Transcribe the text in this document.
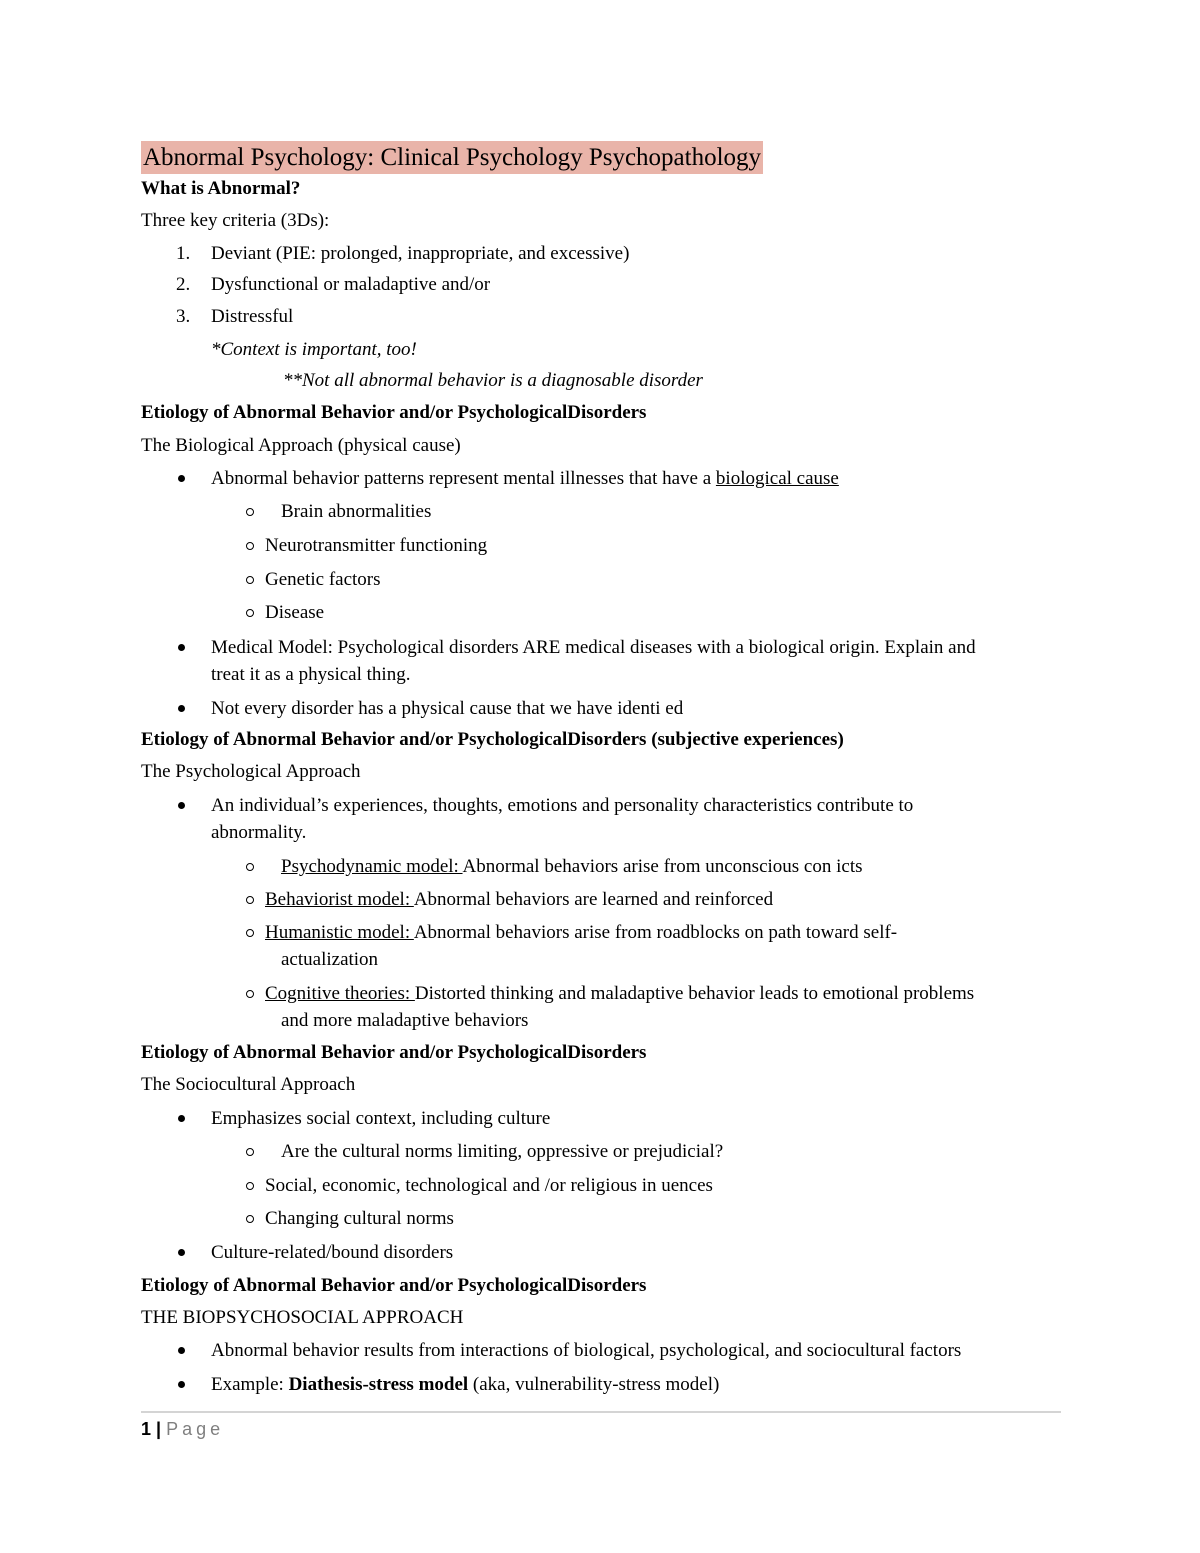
Abnormal Psychology: Clinical Psychology Psychopathology
What is Abnormal?
Three key criteria (3Ds):
1. Deviant (PIE: prolonged, inappropriate, and excessive)
2. Dysfunctional or maladaptive and/or
3. Distressful
*Context is important, too!
**Not all abnormal behavior is a diagnosable disorder
Etiology of Abnormal Behavior and/or PsychologicalDisorders
The Biological Approach (physical cause)
Abnormal behavior patterns represent mental illnesses that have a biological cause
Brain abnormalities
Neurotransmitter functioning
Genetic factors
Disease
Medical Model: Psychological disorders ARE medical diseases with a biological origin. Explain and
treat it as a physical thing.
Not every disorder has a physical cause that we have identi ed
Etiology of Abnormal Behavior and/or PsychologicalDisorders (subjective experiences)
The Psychological Approach
An individual’s experiences, thoughts, emotions and personality characteristics contribute to
abnormality.
Psychodynamic model: Abnormal behaviors arise from unconscious con icts
Behaviorist model: Abnormal behaviors are learned and reinforced
Humanistic model: Abnormal behaviors arise from roadblocks on path toward self-
actualization
Cognitive theories: Distorted thinking and maladaptive behavior leads to emotional problems
and more maladaptive behaviors
Etiology of Abnormal Behavior and/or PsychologicalDisorders
The Sociocultural Approach
Emphasizes social context, including culture
Are the cultural norms limiting, oppressive or prejudicial?
Social, economic, technological and /or religious in uences
Changing cultural norms
Culture-related/bound disorders
Etiology of Abnormal Behavior and/or PsychologicalDisorders
THE BIOPSYCHOSOCIAL APPROACH
Abnormal behavior results from interactions of biological, psychological, and sociocultural factors
Example: Diathesis-stress model (aka, vulnerability-stress model)
1 | Page
